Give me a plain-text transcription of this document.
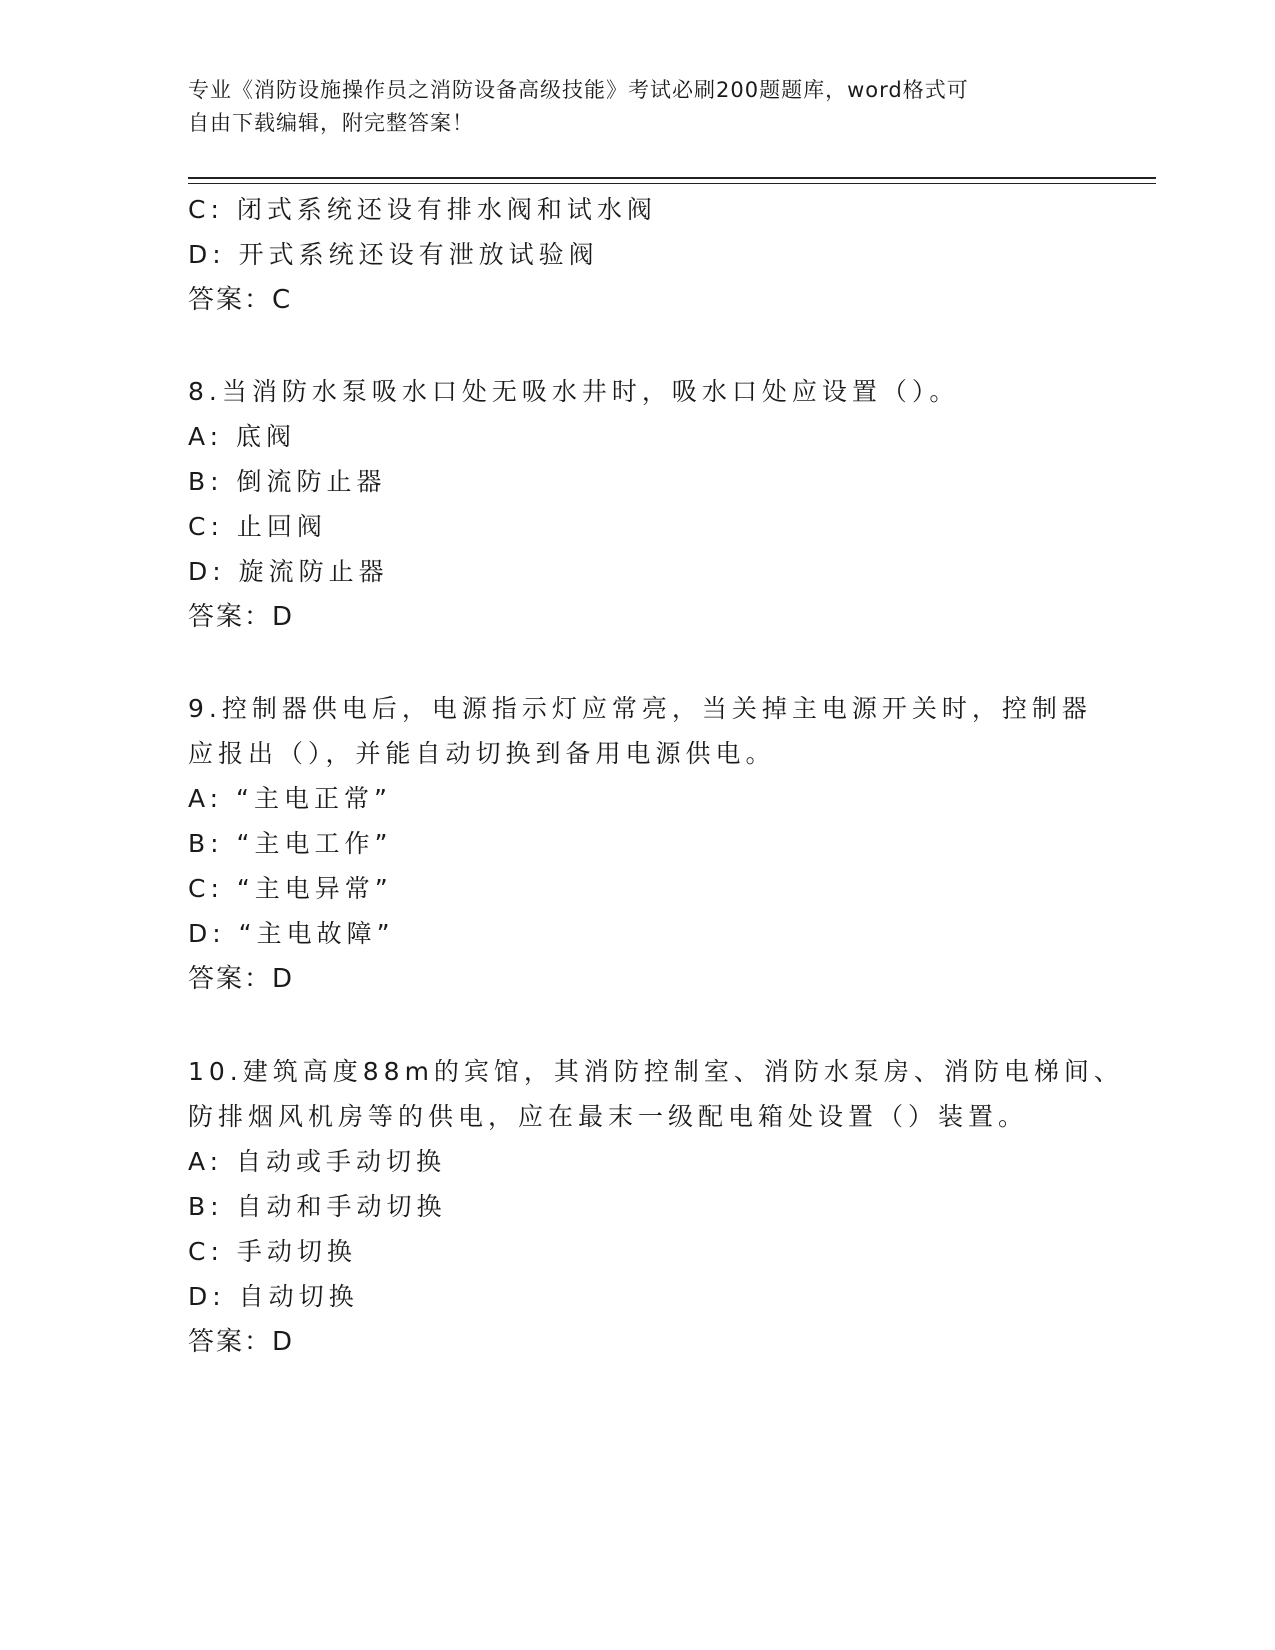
专业《消防设施操作员之消防设备高级技能》考试必刷200题题库，word格式可
自由下载编辑，附完整答案！
C: 闭式系统还设有排水阀和试水阀
D: 开式系统还设有泄放试验阀
答案：C
8.当消防水泵吸水口处无吸水井时，吸水口处应设置（）。
A: 底阀
B: 倒流防止器
C: 止回阀
D: 旋流防止器
答案：D
9.控制器供电后，电源指示灯应常亮，当关掉主电源开关时，控制器
应报出（），并能自动切换到备用电源供电。
A: “主电正常”
B: “主电工作”
C: “主电异常”
D: “主电故障”
答案：D
10.建筑高度88m的宾馆，其消防控制室、消防水泵房、消防电梯间、
防排烟风机房等的供电，应在最末一级配电箱处设置（）装置。
A: 自动或手动切换
B: 自动和手动切换
C: 手动切换
D: 自动切换
答案：D
